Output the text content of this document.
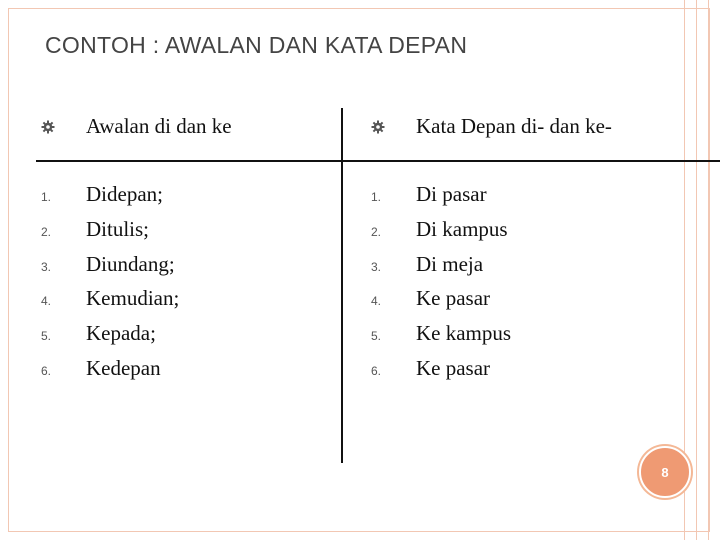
CONTOH : AWALAN DAN KATA DEPAN
Awalan di dan ke
1. Didepan;
2. Ditulis;
3. Diundang;
4. Kemudian;
5. Kepada;
6. Kedepan
Kata Depan di- dan ke-
1. Di pasar
2. Di kampus
3. Di meja
4. Ke pasar
5. Ke kampus
6. Ke pasar
8
